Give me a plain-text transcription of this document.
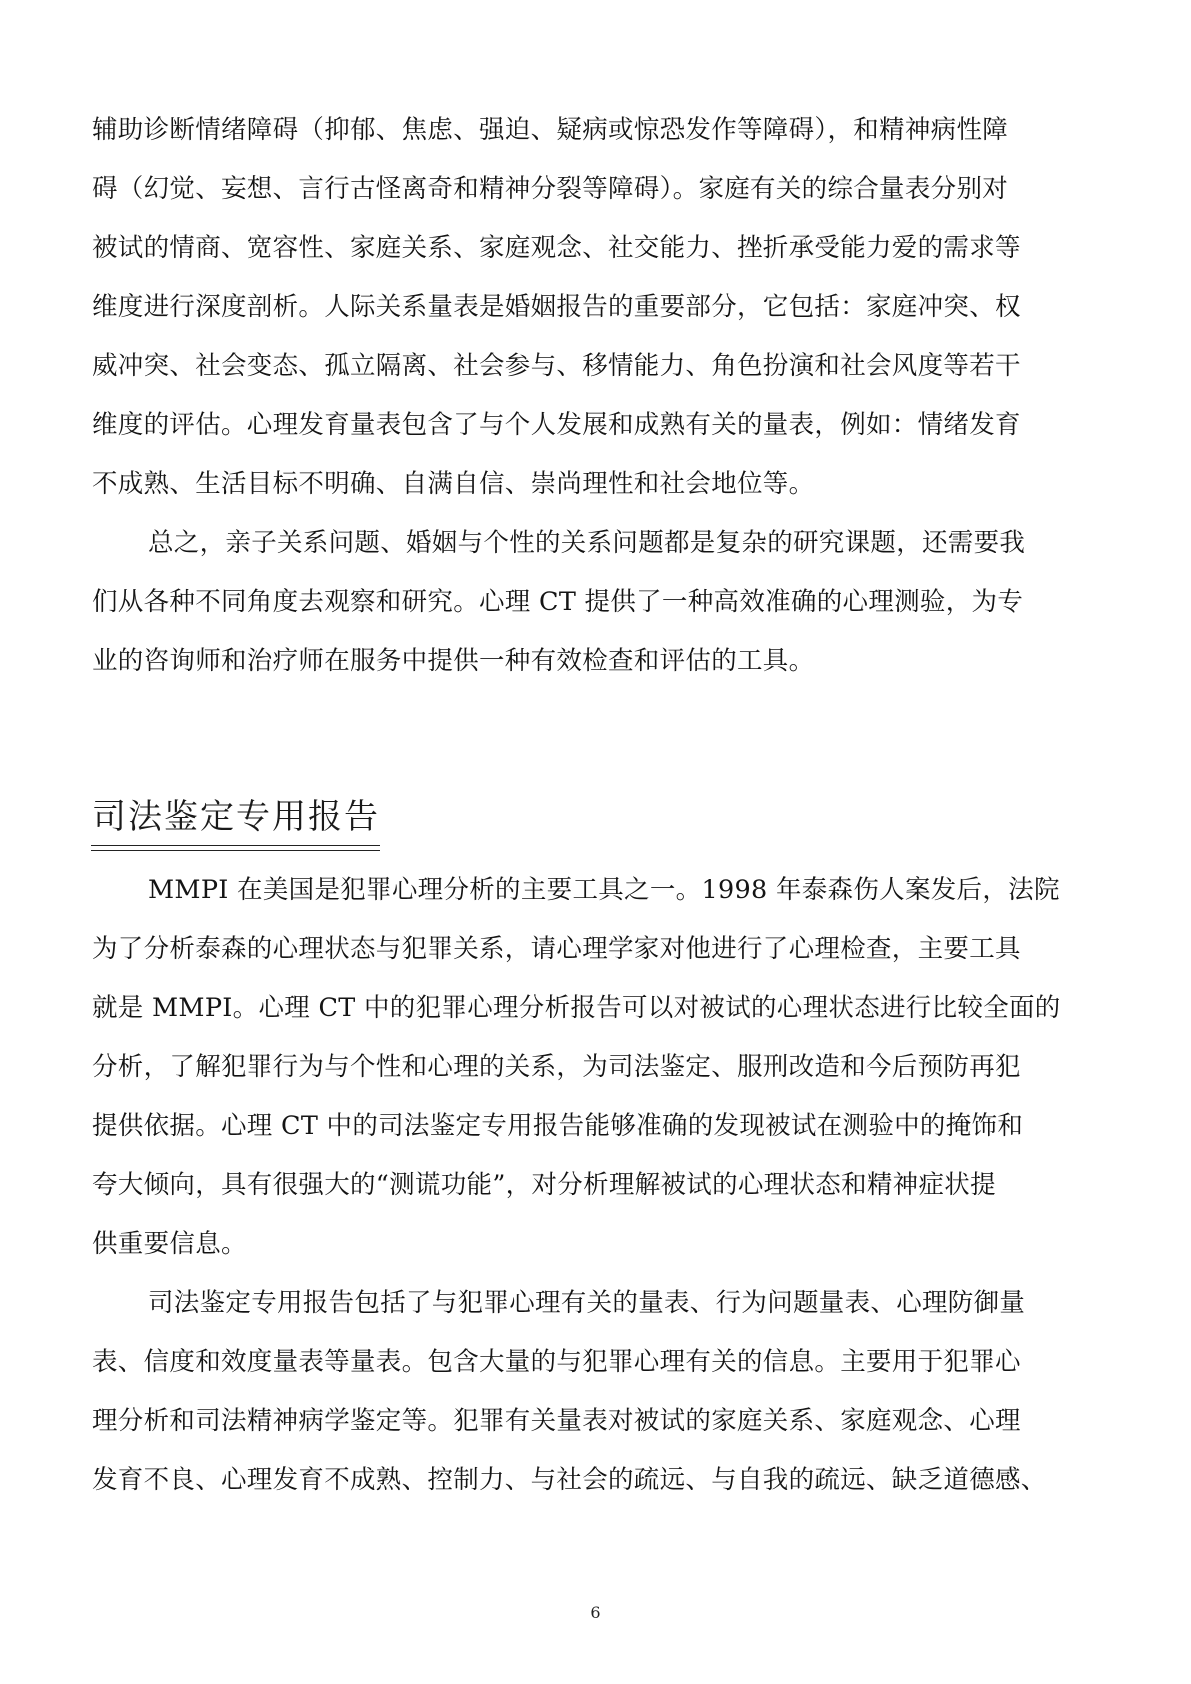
辅助诊断情绪障碍（抑郁、焦虑、强迫、疑病或惊恐发作等障碍），和精神病性障
碍（幻觉、妄想、言行古怪离奇和精神分裂等障碍）。家庭有关的综合量表分别对
被试的情商、宽容性、家庭关系、家庭观念、社交能力、挫折承受能力爱的需求等
维度进行深度剖析。人际关系量表是婚姻报告的重要部分，它包括：家庭冲突、权
威冲突、社会变态、孤立隔离、社会参与、移情能力、角色扮演和社会风度等若干
维度的评估。心理发育量表包含了与个人发展和成熟有关的量表，例如：情绪发育
不成熟、生活目标不明确、自满自信、崇尚理性和社会地位等。
总之，亲子关系问题、婚姻与个性的关系问题都是复杂的研究课题，还需要我
们从各种不同角度去观察和研究。心理 CT 提供了一种高效准确的心理测验，为专
业的咨询师和治疗师在服务中提供一种有效检查和评估的工具。
司法鉴定专用报告
MMPI 在美国是犯罪心理分析的主要工具之一。1998 年泰森伤人案发后，法院
为了分析泰森的心理状态与犯罪关系，请心理学家对他进行了心理检查，主要工具
就是 MMPI。心理 CT 中的犯罪心理分析报告可以对被试的心理状态进行比较全面的
分析，了解犯罪行为与个性和心理的关系，为司法鉴定、服刑改造和今后预防再犯
提供依据。心理 CT 中的司法鉴定专用报告能够准确的发现被试在测验中的掩饰和
夸大倾向，具有很强大的“测谎功能”，对分析理解被试的心理状态和精神症状提
供重要信息。
司法鉴定专用报告包括了与犯罪心理有关的量表、行为问题量表、心理防御量
表、信度和效度量表等量表。包含大量的与犯罪心理有关的信息。主要用于犯罪心
理分析和司法精神病学鉴定等。犯罪有关量表对被试的家庭关系、家庭观念、心理
发育不良、心理发育不成熟、控制力、与社会的疏远、与自我的疏远、缺乏道德感、
6
